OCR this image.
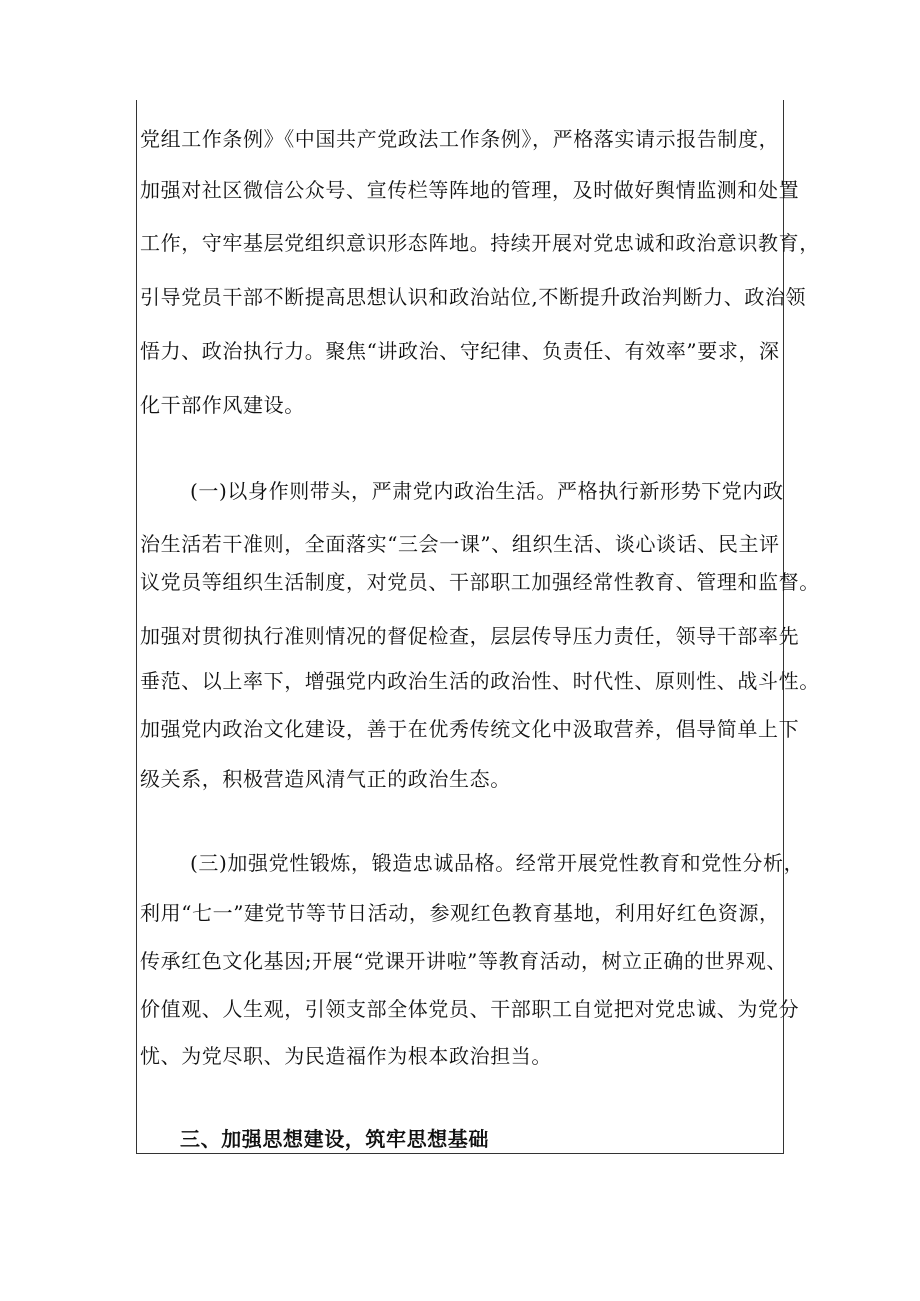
党组工作条例》《中国共产党政法工作条例》，严格落实请示报告制度，
加强对社区微信公众号、宣传栏等阵地的管理，及时做好舆情监测和处置
工作，守牢基层党组织意识形态阵地。持续开展对党忠诚和政治意识教育，
引导党员干部不断提高思想认识和政治站位,不断提升政治判断力、政治领
悟力、政治执行力。聚焦“讲政治、守纪律、负责任、有效率”要求，深
化干部作风建设。
(一)以身作则带头，严肃党内政治生活。严格执行新形势下党内政
治生活若干准则，全面落实“三会一课”、组织生活、谈心谈话、民主评
议党员等组织生活制度，对党员、干部职工加强经常性教育、管理和监督。
加强对贯彻执行准则情况的督促检查，层层传导压力责任，领导干部率先
垂范、以上率下，增强党内政治生活的政治性、时代性、原则性、战斗性。
加强党内政治文化建设，善于在优秀传统文化中汲取营养，倡导简单上下
级关系，积极营造风清气正的政治生态。
(三)加强党性锻炼，锻造忠诚品格。经常开展党性教育和党性分析，
利用“七一”建党节等节日活动，参观红色教育基地，利用好红色资源，
传承红色文化基因;开展“党课开讲啦”等教育活动，树立正确的世界观、
价值观、人生观，引领支部全体党员、干部职工自觉把对党忠诚、为党分
忧、为党尽职、为民造福作为根本政治担当。
三、加强思想建设，筑牢思想基础
